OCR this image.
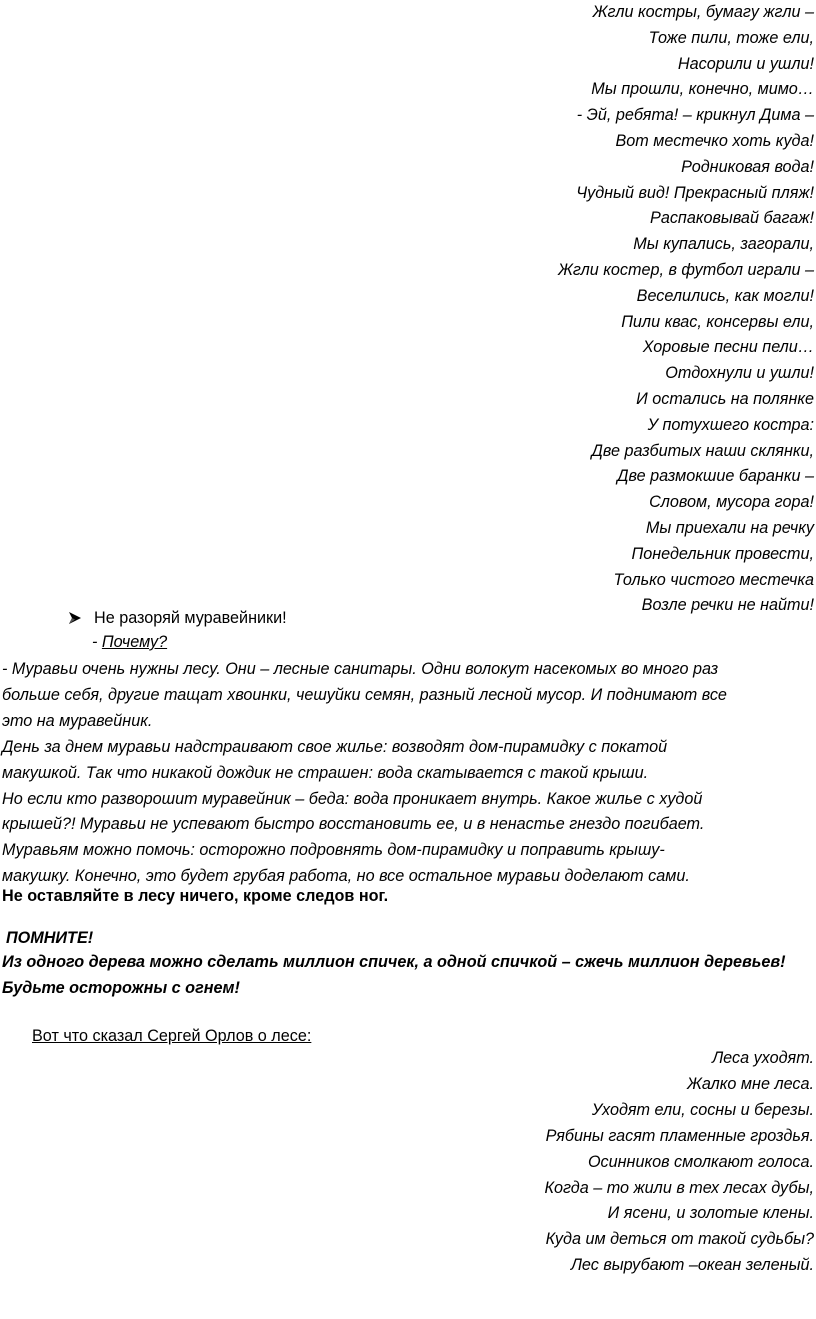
Жгли костры, бумагу жгли –
Тоже пили, тоже ели,
Насорили и ушли!
Мы прошли, конечно, мимо…
- Эй, ребята! – крикнул Дима –
Вот местечко хоть куда!
Родниковая вода!
Чудный вид! Прекрасный пляж!
Распаковывай багаж!
Мы купались, загорали,
Жгли костер, в футбол играли –
Веселились, как могли!
Пили квас, консервы ели,
Хоровые песни пели…
Отдохнули и ушли!
И остались на полянке
У потухшего костра:
Две разбитых наши склянки,
Две размокшие баранки –
Словом, мусора гора!
Мы приехали на речку
Понедельник провести,
Только чистого местечка
Возле речки не найти!
Не разоряй муравейники!
- Почему?
- Муравьи очень нужны лесу. Они – лесные санитары. Одни волокут насекомых во много раз
больше себя, другие тащат хвоинки, чешуйки семян, разный лесной мусор. И поднимают все
это на муравейник.
День за днем муравьи надстраивают свое жилье: возводят дом-пирамидку с покатой
макушкой. Так что никакой дождик не страшен: вода скатывается с такой крыши.
Но если кто разворошит муравейник – беда: вода проникает внутрь. Какое жилье с худой
крышей?! Муравьи не успевают быстро восстановить ее, и в ненастье гнездо погибает.
Муравьям можно помочь: осторожно подровнять дом-пирамидку и поправить крышу-
макушку. Конечно, это будет грубая работа, но все остальное муравьи доделают сами.
Не оставляйте в лесу ничего, кроме следов ног.
ПОМНИТЕ!
Из одного дерева можно сделать миллион спичек, а одной спичкой – сжечь миллион деревьев!
Будьте осторожны с огнем!
Вот что сказал Сергей Орлов о лесе:
Леса уходят.
Жалко мне леса.
Уходят ели, сосны и березы.
Рябины гасят пламенные гроздья.
Осинников смолкают голоса.
Когда – то жили в тех лесах дубы,
И ясени, и золотые клены.
Куда им деться от такой судьбы?
Лес вырубают –океан зеленый.
